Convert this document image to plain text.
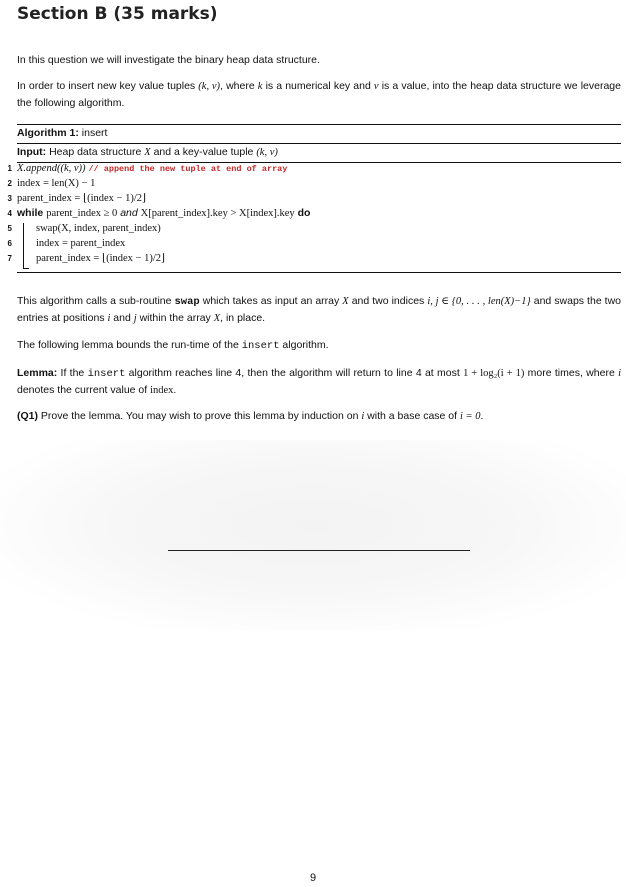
Section B (35 marks)
In this question we will investigate the binary heap data structure.
In order to insert new key value tuples (k, v), where k is a numerical key and v is a value, into the heap data structure we leverage the following algorithm.
Algorithm 1: insert
Input: Heap data structure X and a key-value tuple (k, v)
1 X.append((k, v)) // append the new tuple at end of array
2 index = len(X) − 1
3 parent_index = ⌊(index − 1)/2⌋
4 while parent_index ≥ 0 and X[parent_index].key > X[index].key do
5 swap(X, index, parent_index)
6 index = parent_index
7 parent_index = ⌊(index − 1)/2⌋
This algorithm calls a sub-routine swap which takes as input an array X and two indices i, j ∈ {0, . . . , len(X)−1} and swaps the two entries at positions i and j within the array X, in place.
The following lemma bounds the run-time of the insert algorithm.
Lemma: If the insert algorithm reaches line 4, then the algorithm will return to line 4 at most 1 + log₂(i + 1) more times, where i denotes the current value of index.
(Q1) Prove the lemma. You may wish to prove this lemma by induction on i with a base case of i = 0.
9
